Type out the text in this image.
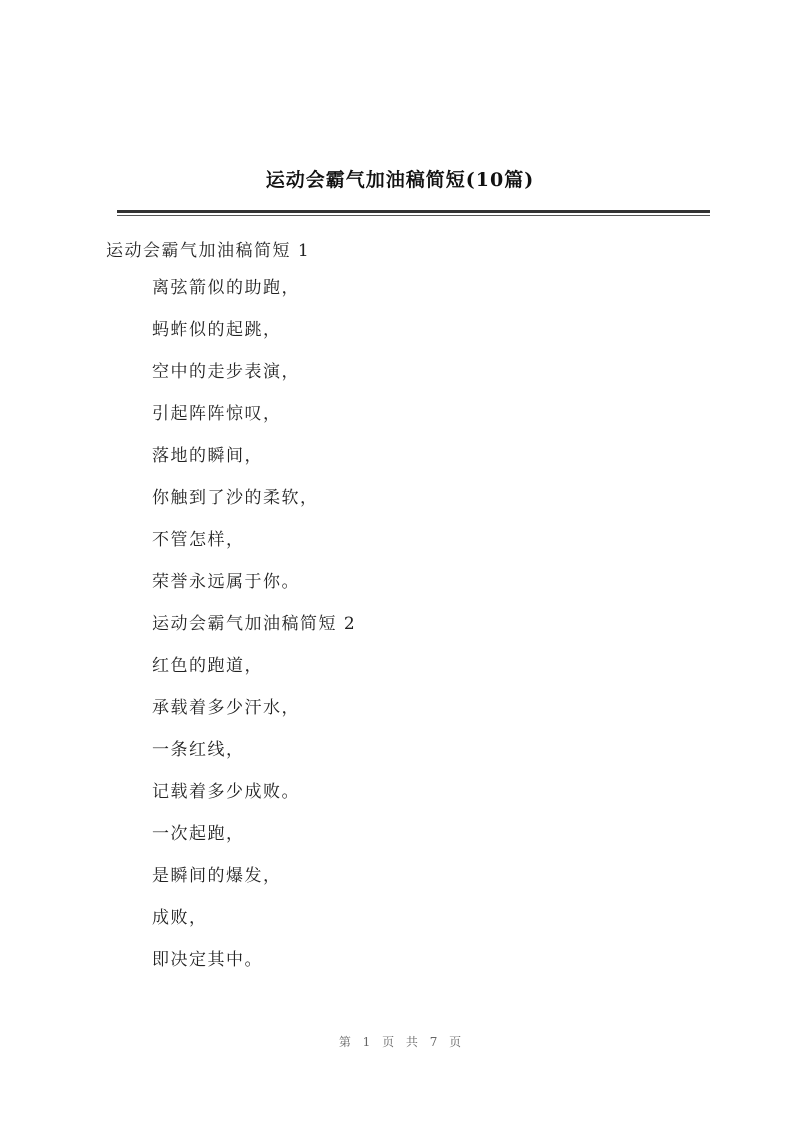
运动会霸气加油稿简短(10篇)
运动会霸气加油稿简短 1
离弦箭似的助跑，
蚂蚱似的起跳，
空中的走步表演，
引起阵阵惊叹，
落地的瞬间，
你触到了沙的柔软，
不管怎样，
荣誉永远属于你。
运动会霸气加油稿简短 2
红色的跑道，
承载着多少汗水，
一条红线，
记载着多少成败。
一次起跑，
是瞬间的爆发，
成败，
即决定其中。
第 1 页 共 7 页
